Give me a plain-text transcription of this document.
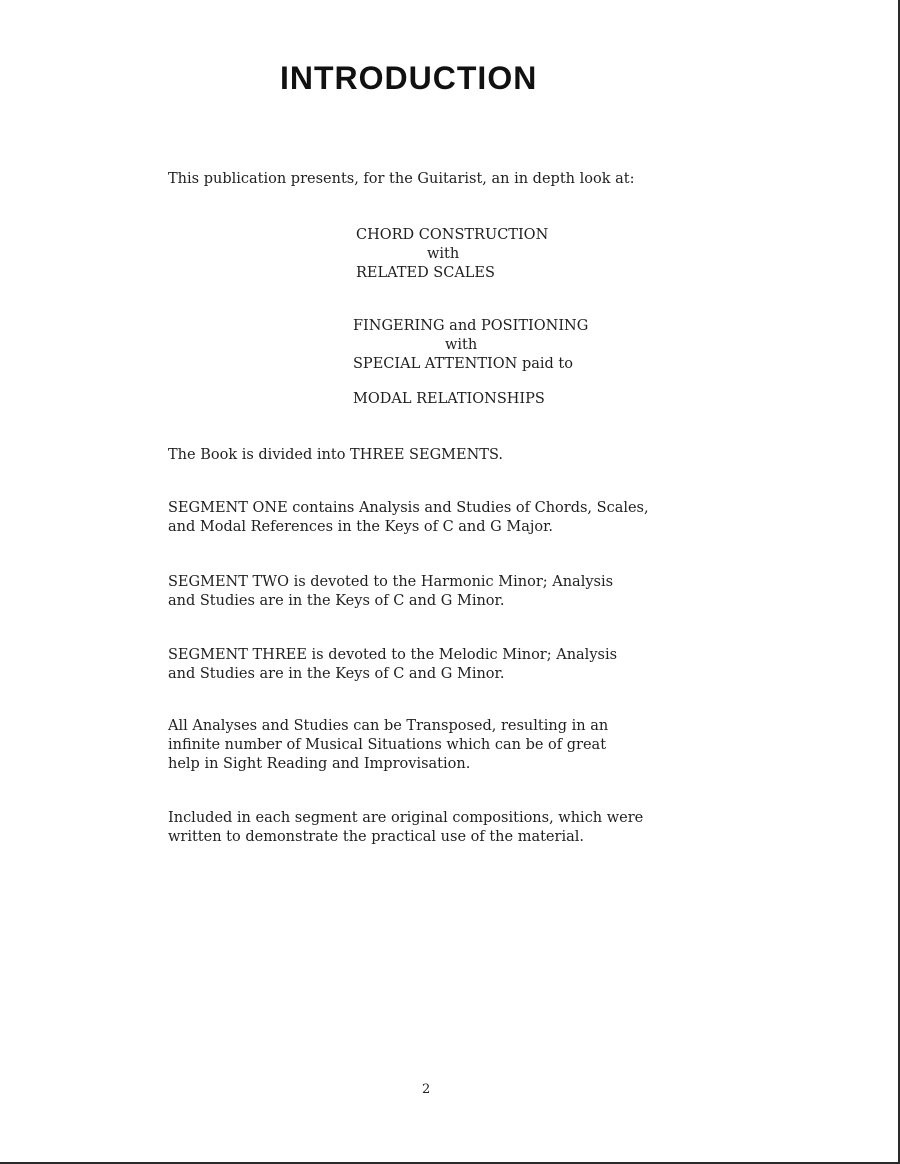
INTRODUCTION

This publication presents, for the Guitarist, an in depth look at:

CHORD CONSTRUCTION
with
RELATED SCALES
FINGERING and POSITIONING
with
SPECIAL ATTENTION paid to

MODAL RELATIONSHIPS

The Book is divided into THREE SEGMENTS.
SEGMENT ONE contains Analysis and Studies of Chords, Scales,
and Modal References in the Keys of C and G Major.
SEGMENT TWO is devoted to the Harmonic Minor; Analysis
and Studies are in the Keys of C and G Minor.
SEGMENT THREE is devoted to the Melodic Minor; Analysis
and Studies are in the Keys of C and G Minor.
All Analyses and Studies can be Transposed, resulting in an
infinite number of Musical Situations which can be of great
help in Sight Reading and Improvisation.
Included in each segment are original compositions, which were
written to demonstrate the practical use of the material.
2
